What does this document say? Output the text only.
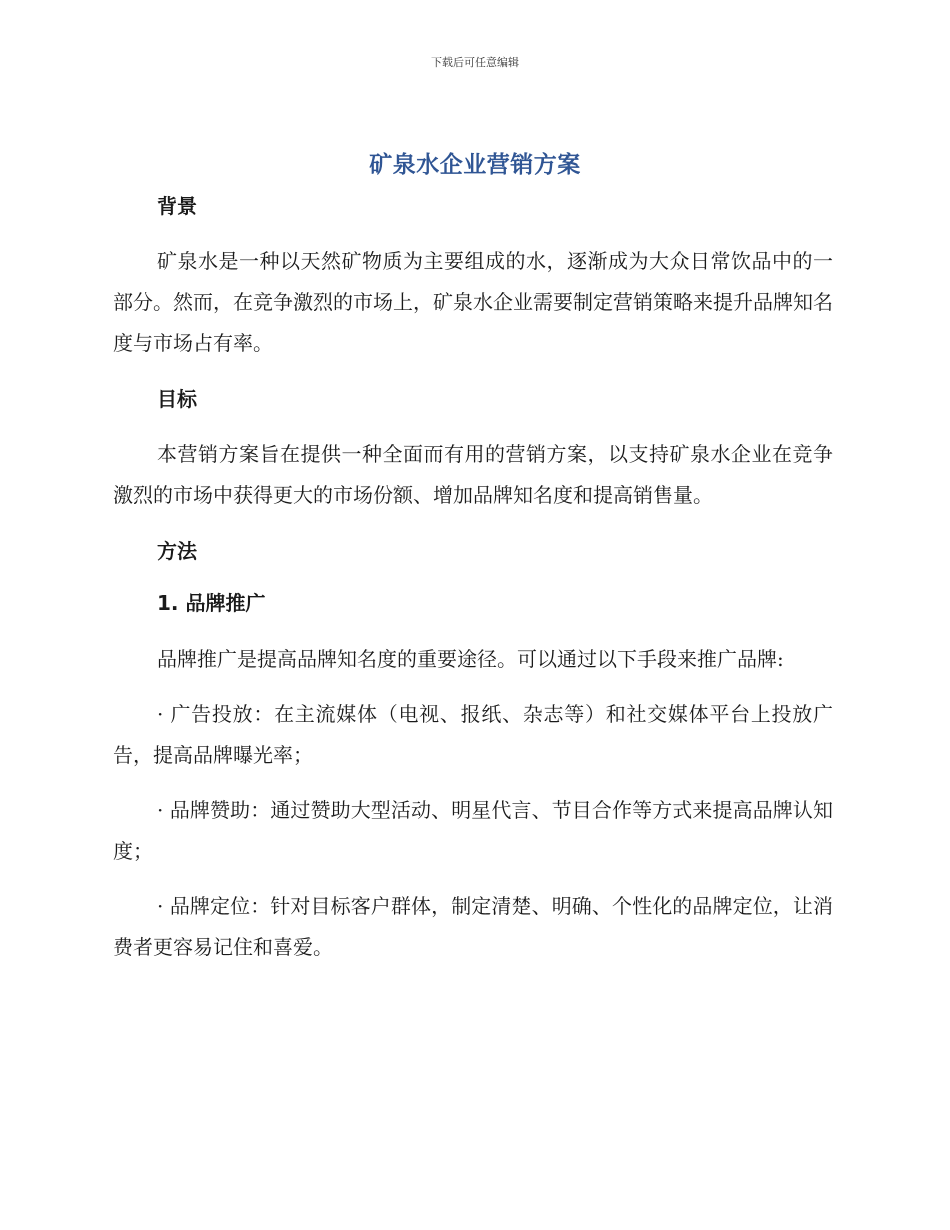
下载后可任意编辑
矿泉水企业营销方案
背景

矿泉水是一种以天然矿物质为主要组成的水，逐渐成为大众日常饮品中的一部分。然而，在竞争激烈的市场上，矿泉水企业需要制定营销策略来提升品牌知名度与市场占有率。

目标

本营销方案旨在提供一种全面而有用的营销方案，以支持矿泉水企业在竞争激烈的市场中获得更大的市场份额、增加品牌知名度和提高销售量。

方法
1. 品牌推广

品牌推广是提高品牌知名度的重要途径。可以通过以下手段来推广品牌:

· 广告投放：在主流媒体（电视、报纸、杂志等）和社交媒体平台上投放广告，提高品牌曝光率；

· 品牌赞助：通过赞助大型活动、明星代言、节目合作等方式来提高品牌认知度；

· 品牌定位：针对目标客户群体，制定清楚、明确、个性化的品牌定位，让消费者更容易记住和喜爱。
